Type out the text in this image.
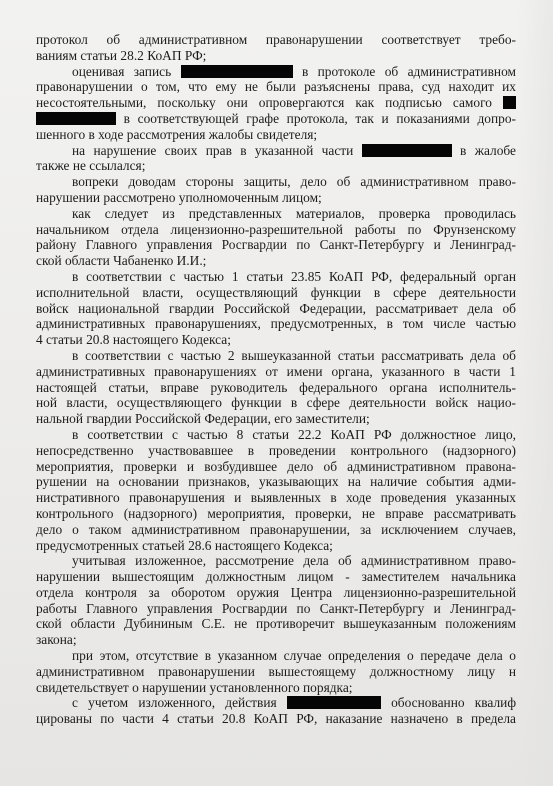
протокол об административном правонарушении соответствует требо-
ваниям статьи 28.2 КоАП РФ;
оценивая запись	в протоколе об административном
правонарушении о том, что ему не были разъяснены права, суд находит их
несостоятельными, поскольку они опровергаются как подписью самого
в соответствующей графе протокола, так и показаниями допро-
шенного в ходе рассмотрения жалобы свидетеля;
на нарушение своих прав в указанной части	в жалобе
также не ссылался;
вопреки доводам стороны защиты, дело об административном право-
нарушении рассмотрено уполномоченным лицом;
как следует из представленных материалов, проверка проводилась
начальником отдела лицензионно-разрешительной работы по Фрунзенскому
району Главного управления Росгвардии по Санкт-Петербургу и Ленинград-
ской области Чабаненко И.И.;
в соответствии с частью 1 статьи 23.85 КоАП РФ, федеральный орган
исполнительной власти, осуществляющий функции в сфере деятельности
войск национальной гвардии Российской Федерации, рассматривает дела об
административных правонарушениях, предусмотренных, в том числе частью
4 статьи 20.8 настоящего Кодекса;
в соответствии с частью 2 вышеуказанной статьи рассматривать дела об
административных правонарушениях от имени органа, указанного в части 1
настоящей статьи, вправе руководитель федерального органа исполнитель-
ной власти, осуществляющего функции в сфере деятельности войск нацио-
нальной гвардии Российской Федерации, его заместители;
в соответствии с частью 8 статьи 22.2 КоАП РФ должностное лицо,
непосредственно участвовавшее в проведении контрольного (надзорного)
мероприятия, проверки и возбудившее дело об административном правона-
рушении на основании признаков, указывающих на наличие события адми-
нистративного правонарушения и выявленных в ходе проведения указанных
контрольного (надзорного) мероприятия, проверки, не вправе рассматривать
дело о таком административном правонарушении, за исключением случаев,
предусмотренных статьей 28.6 настоящего Кодекса;
учитывая изложенное, рассмотрение дела об административном право-
нарушении вышестоящим должностным лицом - заместителем начальника
отдела контроля за оборотом оружия Центра лицензионно-разрешительной
работы Главного управления Росгвардии по Санкт-Петербургу и Ленинград-
ской области Дубининым С.Е. не противоречит вышеуказанным положениям
закона;
при этом, отсутствие в указанном случае определения о передаче дела о
административном правонарушении вышестоящему должностному лицу н
свидетельствует о нарушении установленного порядка;
с учетом изложенного, действия	обоснованно квалиф
цированы по части 4 статьи 20.8 КоАП РФ, наказание назначено в предела
